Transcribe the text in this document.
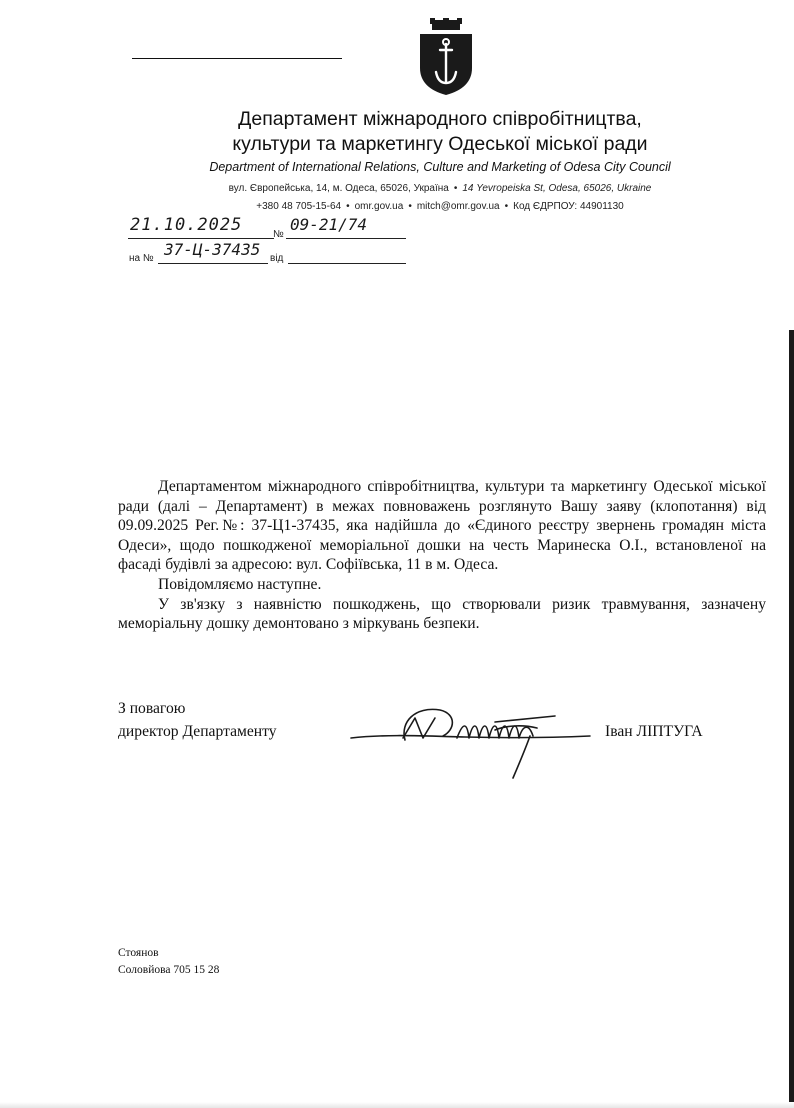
Департамент міжнародного співробітництва,
культури та маркетингу Одеської міської ради
Department of International Relations, Culture and Marketing of Odesa City Council
вул. Європейська, 14, м. Одеса, 65026, Україна • 14 Yevropeiska St, Odesa, 65026, Ukraine
+380 48 705-15-64 • omr.gov.ua • mitch@omr.gov.ua • Код ЄДРПОУ: 44901130
21.10.2025	№
09-21/74
на № 37-Ц-37435 від

Департаментом міжнародного співробітництва, культури та маркетингу Одеської міської ради (далі – Департамент) в межах повноважень розглянуто Вашу заяву (клопотання) від 09.09.2025 Рег.№: 37-Ц1-37435, яка надійшла до «Єдиного реєстру звернень громадян міста Одеси», щодо пошкодженої меморіальної дошки на честь Маринеска О.І., встановленої на фасаді будівлі за адресою: вул. Софіївська, 11 в м. Одеса.

Повідомляємо наступне.

У зв'язку з наявністю пошкоджень, що створювали ризик травмування, зазначену меморіальну дошку демонтовано з міркувань безпеки.

З повагою
директор Департаменту	Іван ЛІПТУГА
Стоянов
Соловйова 705 15 28
